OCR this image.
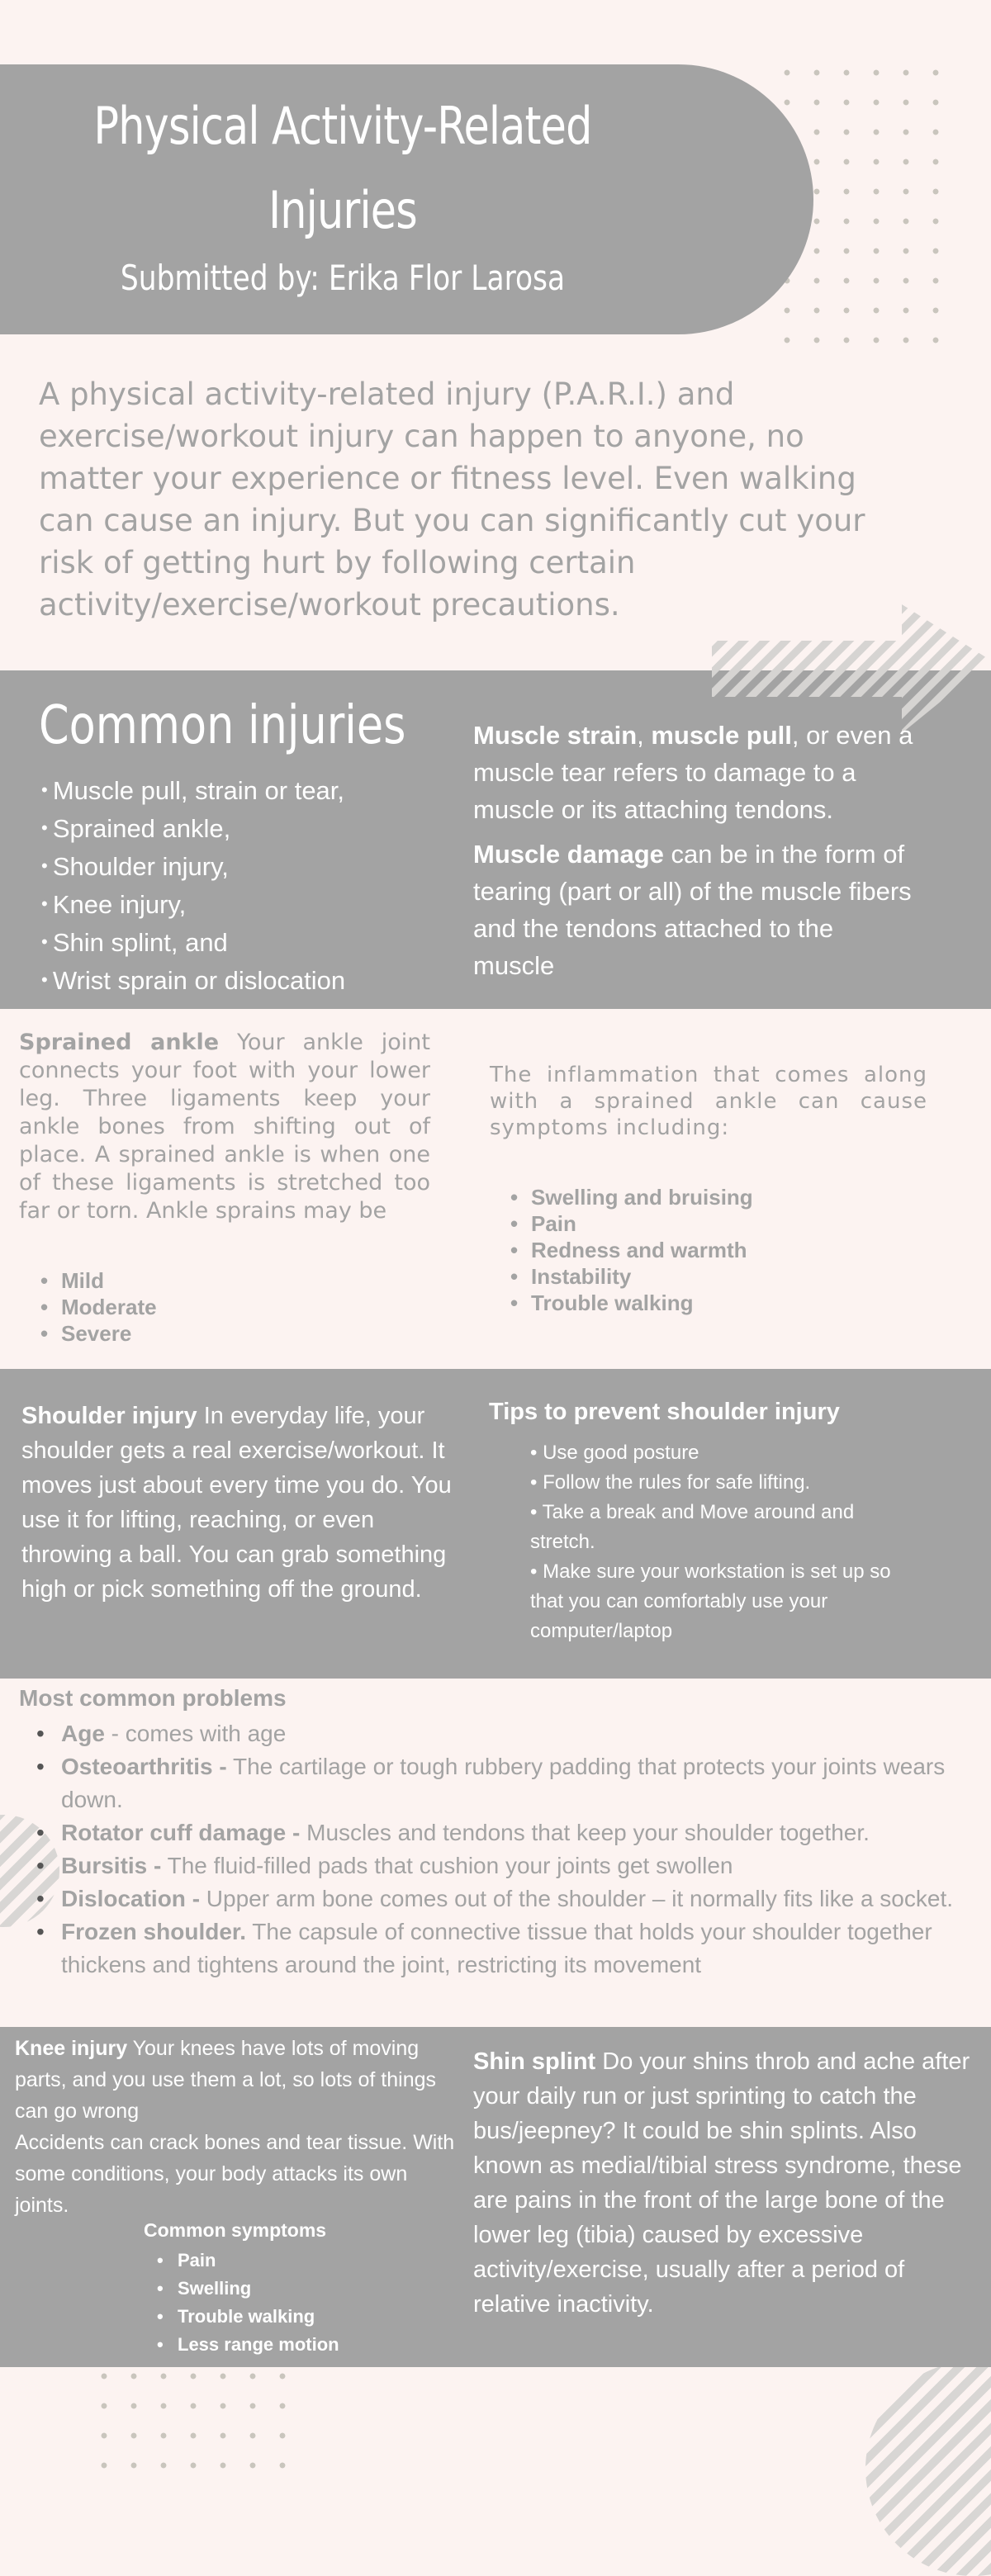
Physical Activity-Related
Injuries
Submitted by: Erika Flor Larosa

A physical activity-related injury (P.A.R.I.) and exercise/workout injury can happen to anyone, no matter your experience or fitness level. Even walking can cause an injury. But you can significantly cut your risk of getting hurt by following certain activity/exercise/workout precautions.

Common injuries
• Muscle pull, strain or tear,
• Sprained ankle,
• Shoulder injury,
• Knee injury,
• Shin splint, and
• Wrist sprain or dislocation
Muscle strain, muscle pull, or even a muscle tear refers to damage to a muscle or its attaching tendons.
Muscle damage can be in the form of tearing (part or all) of the muscle fibers and the tendons attached to the muscle
Sprained ankle Your ankle joint connects your foot with your lower leg. Three ligaments keep your ankle bones from shifting out of place. A sprained ankle is when one of these ligaments is stretched too far or torn. Ankle sprains may be
• Mild
• Moderate
• Severe
The inflammation that comes along with a sprained ankle can cause symptoms including:
• Swelling and bruising
• Pain
• Redness and warmth
• Instability
• Trouble walking
Shoulder injury In everyday life, your shoulder gets a real exercise/workout. It moves just about every time you do. You use it for lifting, reaching, or even throwing a ball. You can grab something high or pick something off the ground.
Tips to prevent shoulder injury
• Use good posture
• Follow the rules for safe lifting.
• Take a break and Move around and stretch.
• Make sure your workstation is set up so that you can comfortably use your computer/laptop
Most common problems
• Age - comes with age
• Osteoarthritis - The cartilage or tough rubbery padding that protects your joints wears down.
• Rotator cuff damage - Muscles and tendons that keep your shoulder together.
• Bursitis - The fluid-filled pads that cushion your joints get swollen
• Dislocation - Upper arm bone comes out of the shoulder – it normally fits like a socket.
• Frozen shoulder. The capsule of connective tissue that holds your shoulder together thickens and tightens around the joint, restricting its movement
Knee injury Your knees have lots of moving parts, and you use them a lot, so lots of things can go wrong
Accidents can crack bones and tear tissue. With some conditions, your body attacks its own joints.
Common symptoms
• Pain
• Swelling
• Trouble walking
• Less range motion
Shin splint Do your shins throb and ache after your daily run or just sprinting to catch the bus/jeepney? It could be shin splints. Also known as medial/tibial stress syndrome, these are pains in the front of the large bone of the lower leg (tibia) caused by excessive activity/exercise, usually after a period of relative inactivity.
